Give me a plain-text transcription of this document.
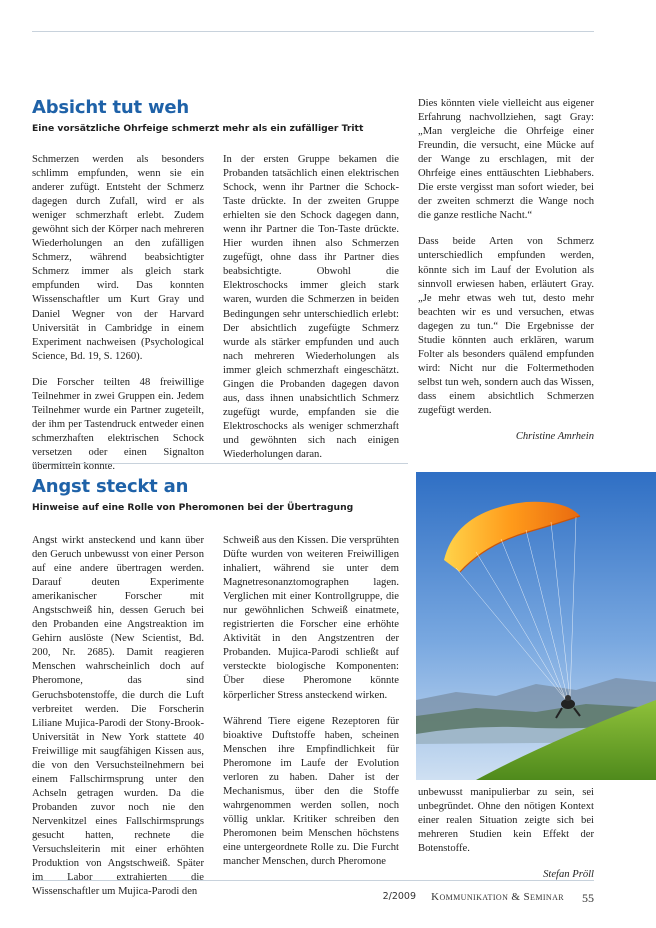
Absicht tut weh
Eine vorsätzliche Ohrfeige schmerzt mehr als ein zufälliger Tritt

Schmerzen werden als besonders schlimm empfunden, wenn sie ein anderer zufügt. Entsteht der Schmerz dagegen durch Zufall, wird er als weniger schmerzhaft erlebt. Zudem gewöhnt sich der Körper nach mehreren Wiederholungen an den zufälligen Schmerz, während beabsichtigter Schmerz immer als gleich stark empfunden wird. Das konnten Wissenschaftler um Kurt Gray und Daniel Wegner von der Harvard Universität in Cambridge in einem Experiment nachweisen (Psychological Science, Bd. 19, S. 1260).

Die Forscher teilten 48 freiwillige Teilnehmer in zwei Gruppen ein. Jedem Teilnehmer wurde ein Partner zugeteilt, der ihm per Tastendruck entweder einen schmerzhaften elektrischen Schock versetzen oder einen Signalton übermitteln konnte.

In der ersten Gruppe bekamen die Probanden tatsächlich einen elektrischen Schock, wenn ihr Partner die Schock-Taste drückte. In der zweiten Gruppe erhielten sie den Schock dagegen dann, wenn ihr Partner die Ton-Taste drückte. Hier wurden ihnen also Schmerzen zugefügt, ohne dass ihr Partner dies beabsichtigte. Obwohl die Elektroschocks immer gleich stark waren, wurden die Schmerzen in beiden Bedingungen sehr unterschiedlich erlebt: Der absichtlich zugefügte Schmerz wurde als stärker empfunden und auch nach mehreren Wiederholungen als immer gleich schmerzhaft eingeschätzt. Gingen die Probanden dagegen davon aus, dass ihnen unabsichtlich Schmerz zugefügt wurde, empfanden sie die Elektroschocks als weniger schmerzhaft und gewöhnten sich nach einigen Wiederholungen daran.

Dies könnten viele vielleicht aus eigener Erfahrung nachvollziehen, sagt Gray: „Man vergleiche die Ohrfeige einer Freundin, die versucht, eine Mücke auf der Wange zu erschlagen, mit der Ohrfeige eines enttäuschten Liebhabers. Die erste vergisst man sofort wieder, bei der zweiten schmerzt die Wange noch die ganze restliche Nacht.“

Dass beide Arten von Schmerz unterschiedlich empfunden werden, könnte sich im Lauf der Evolution als sinnvoll erwiesen haben, erläutert Gray. „Je mehr etwas weh tut, desto mehr beachten wir es und versuchen, etwas dagegen zu tun.“ Die Ergebnisse der Studie könnten auch erklären, warum Folter als besonders quälend empfunden wird: Nicht nur die Foltermethoden selbst tun weh, sondern auch das Wissen, dass einem absichtlich Schmerzen zugefügt werden.

Christine Amrhein

Angst steckt an
Hinweise auf eine Rolle von Pheromonen bei der Übertragung

Angst wirkt ansteckend und kann über den Geruch unbewusst von einer Person auf eine andere übertragen werden. Darauf deuten Experimente amerikanischer Forscher mit Angstschweiß hin, dessen Geruch bei den Probanden eine Angstreaktion im Gehirn auslöste (New Scientist, Bd. 200, Nr. 2685). Damit reagieren Menschen wahrscheinlich doch auf Pheromone, das sind Geruchsbotenstoffe, die durch die Luft verbreitet werden. Die Forscherin Liliane Mujica-Parodi der Stony-Brook-Universität in New York stattete 40 Freiwillige mit saugfähigen Kissen aus, die von den Versuchsteilnehmern bei einem Fallschirmsprung unter den Achseln getragen wurden. Da die Probanden zuvor noch nie den Nervenkitzel eines Fallschirmsprungs gesucht hatten, rechnete die Versuchsleiterin mit einer erhöhten Produktion von Angstschweiß. Später im Labor extrahierten die Wissenschaftler um Mujica-Parodi den

Schweiß aus den Kissen. Die versprühten Düfte wurden von weiteren Freiwilligen inhaliert, während sie unter dem Magnetresonanztomographen lagen. Verglichen mit einer Kontrollgruppe, die nur gewöhnlichen Schweiß einatmete, registrierten die Forscher eine erhöhte Aktivität in den Angstzentren der Probanden. Mujica-Parodi schließt auf versteckte biologische Komponenten: Über diese Pheromone könnte körperlicher Stress ansteckend wirken.

Während Tiere eigene Rezeptoren für bioaktive Duftstoffe haben, scheinen Menschen ihre Empfindlichkeit für Pheromone im Laufe der Evolution verloren zu haben. Daher ist der Mechanismus, über den die Stoffe wahrgenommen werden sollen, noch völlig unklar. Kritiker schreiben den Pheromonen beim Menschen höchstens eine untergeordnete Rolle zu. Die Furcht mancher Menschen, durch Pheromone

unbewusst manipulierbar zu sein, sei unbegründet. Ohne den nötigen Kontext einer realen Situation zeigte sich bei mehreren Studien kein Effekt der Botenstoffe.

Stefan Pröll

2/2009 Kommunikation & Seminar 55
